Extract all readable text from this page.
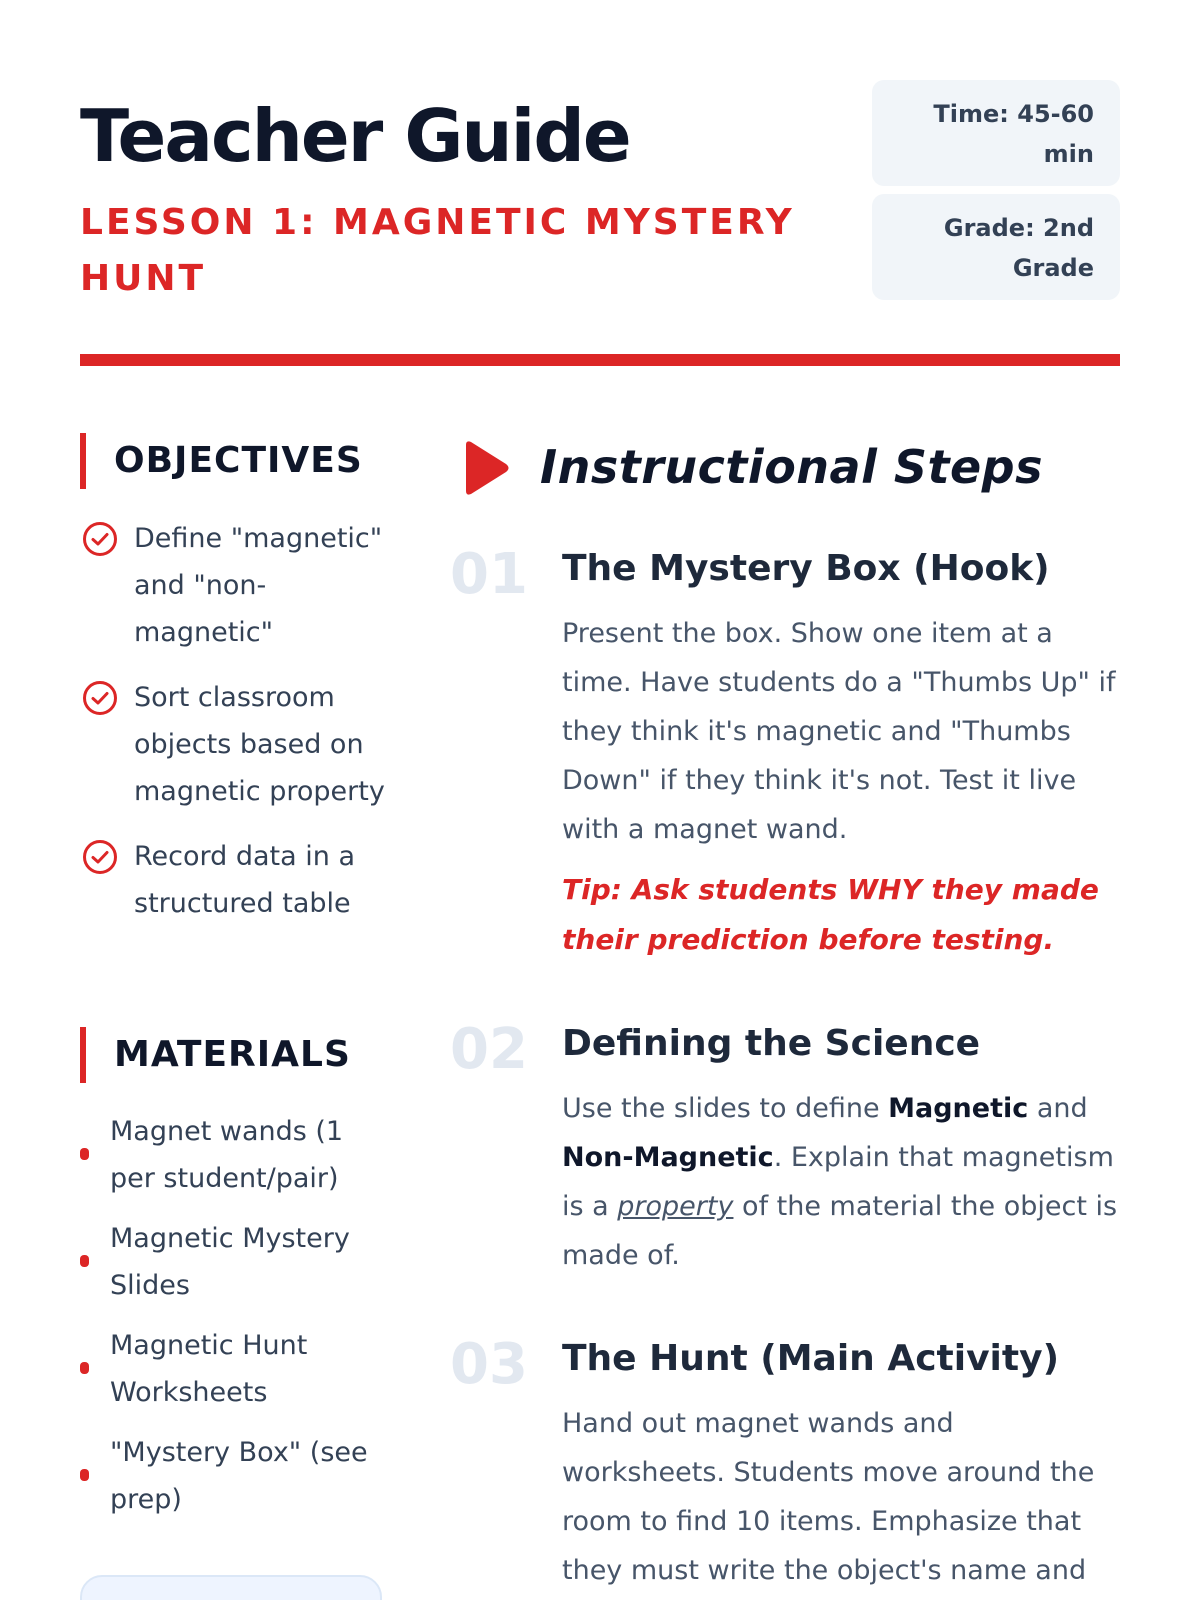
Teacher Guide
LESSON 1: MAGNETIC MYSTERY HUNT
Time: 45-60 min
Grade: 2nd Grade
OBJECTIVES
Define "magnetic" and "non-magnetic"
Sort classroom objects based on magnetic property
Record data in a structured table
MATERIALS
Magnet wands (1 per student/pair)
Magnetic Mystery Slides
Magnetic Hunt Worksheets
"Mystery Box" (see prep)
Instructional Steps
01 The Mystery Box (Hook)
Present the box. Show one item at a time. Have students do a "Thumbs Up" if they think it's magnetic and "Thumbs Down" if they think it's not. Test it live with a magnet wand.
Tip: Ask students WHY they made their prediction before testing.
02 Defining the Science
Use the slides to define Magnetic and Non-Magnetic. Explain that magnetism is a property of the material the object is made of.
03 The Hunt (Main Activity)
Hand out magnet wands and worksheets. Students move around the room to find 10 items. Emphasize that they must write the object's name and
